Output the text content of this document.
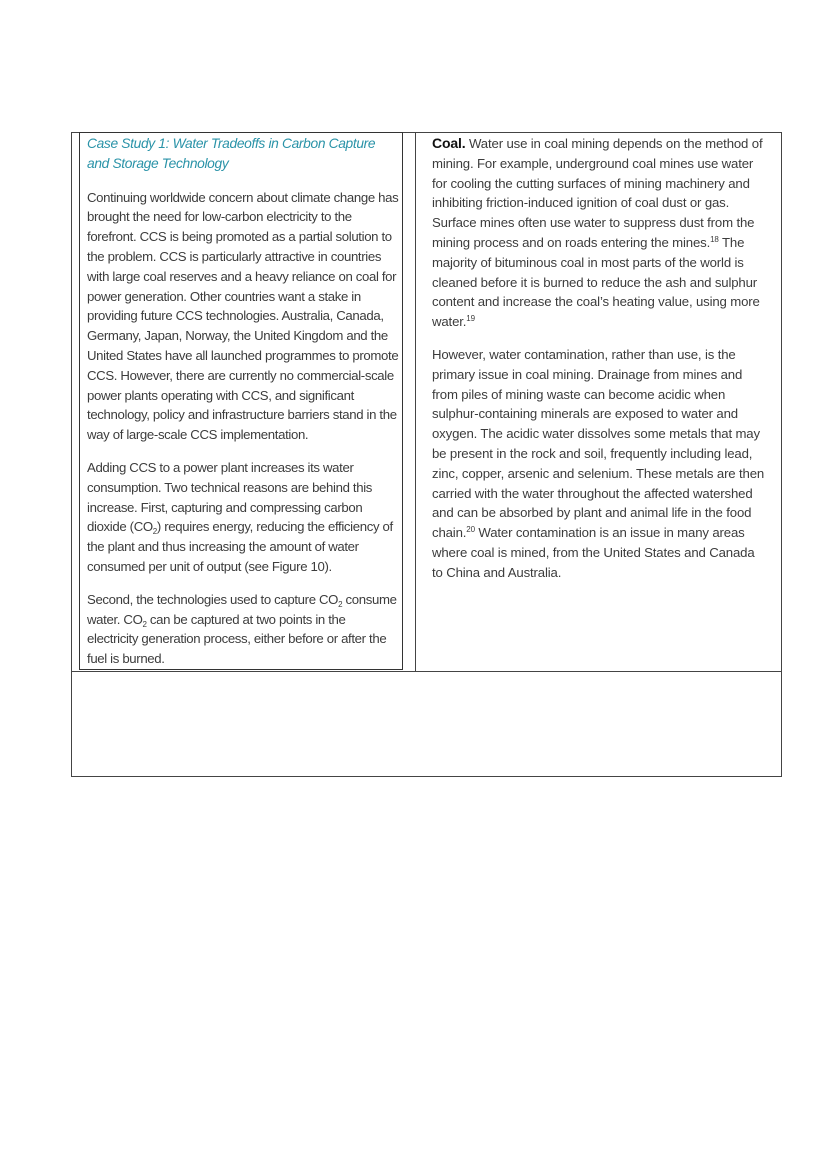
Case Study 1: Water Tradeoffs in Carbon Capture and Storage Technology

Continuing worldwide concern about climate change has brought the need for low-carbon electricity to the forefront. CCS is being promoted as a partial solution to the problem. CCS is particularly attractive in countries with large coal reserves and a heavy reliance on coal for power generation. Other countries want a stake in providing future CCS technologies. Australia, Canada, Germany, Japan, Norway, the United Kingdom and the United States have all launched programmes to promote CCS. However, there are currently no commercial-scale power plants operating with CCS, and significant technology, policy and infrastructure barriers stand in the way of large-scale CCS implementation.

Adding CCS to a power plant increases its water consumption. Two technical reasons are behind this increase. First, capturing and compressing carbon dioxide $(CO_2)$ requires energy, reducing the efficiency of the plant and thus increasing the amount of water consumed per unit of output (see Figure 10).

Second, the technologies used to capture $CO_2$ consume water. $CO_2$ can be captured at two points in the electricity generation process, either before or after the fuel is burned.

Coal. Water use in coal mining depends on the method of mining. For example, underground coal mines use water for cooling the cutting surfaces of mining machinery and inhibiting friction-induced ignition of coal dust or gas. Surface mines often use water to suppress dust from the mining process and on roads entering the mines.$^{18}$ The majority of bituminous coal in most parts of the world is cleaned before it is burned to reduce the ash and sulphur content and increase the coal’s heating value, using more water.$^{19}$

However, water contamination, rather than use, is the primary issue in coal mining. Drainage from mines and from piles of mining waste can become acidic when sulphur-containing minerals are exposed to water and oxygen. The acidic water dissolves some metals that may be present in the rock and soil, frequently including lead, zinc, copper, arsenic and selenium. These metals are then carried with the water throughout the affected watershed and can be absorbed by plant and animal life in the food chain.$^{20}$ Water contamination is an issue in many areas where coal is mined, from the United States and Canada to China and Australia.
